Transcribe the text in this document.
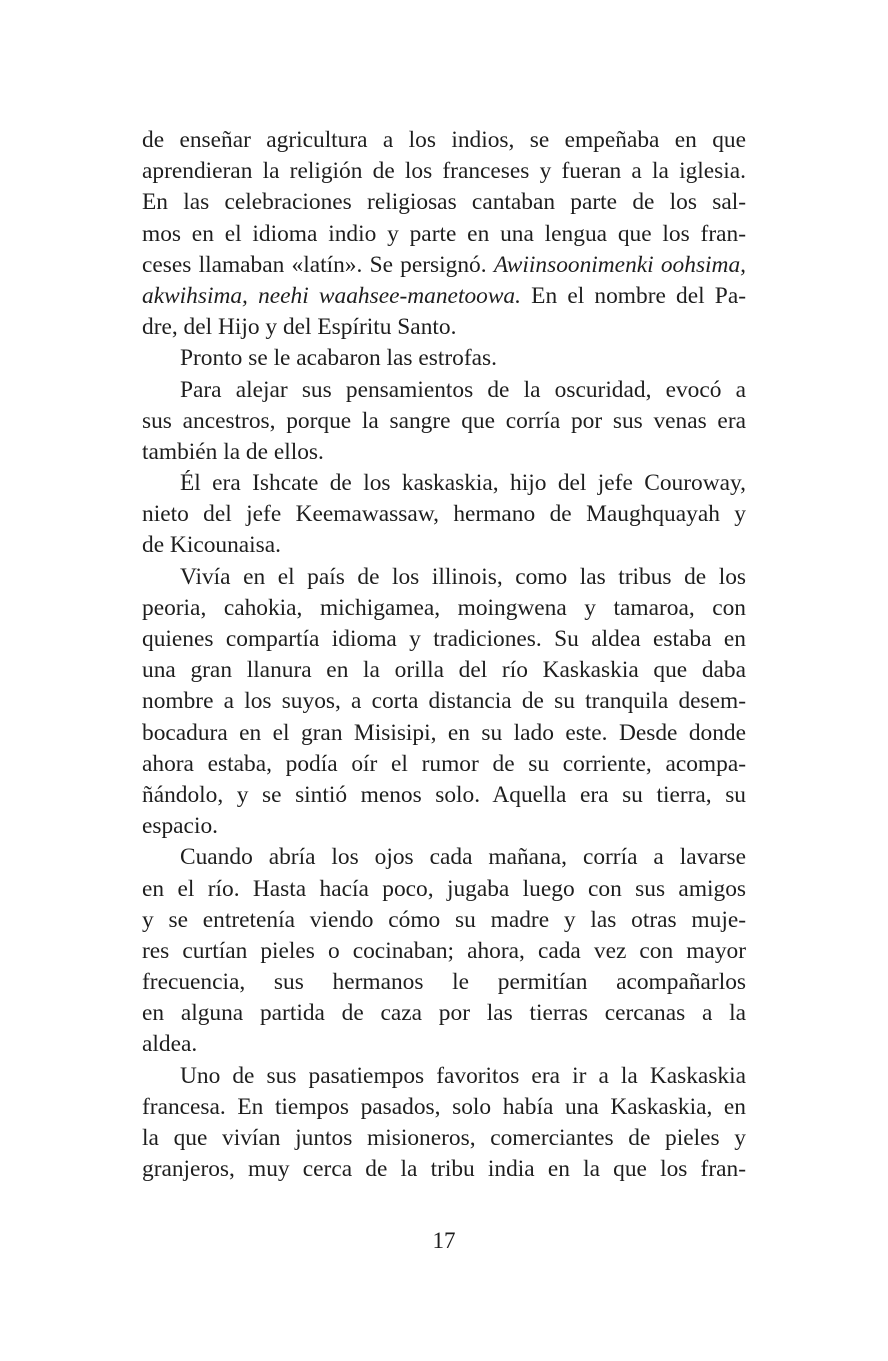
de enseñar agricultura a los indios, se empeñaba en que
aprendieran la religión de los franceses y fueran a la iglesia.
En las celebraciones religiosas cantaban parte de los sal-
mos en el idioma indio y parte en una lengua que los fran-
ceses llamaban «latín». Se persignó. Awiinsoonimenki oohsima,
akwihsima, neehi waahsee-manetoowa. En el nombre del Pa-
dre, del Hijo y del Espíritu Santo.
Pronto se le acabaron las estrofas.
Para alejar sus pensamientos de la oscuridad, evocó a
sus ancestros, porque la sangre que corría por sus venas era
también la de ellos.
Él era Ishcate de los kaskaskia, hijo del jefe Couroway,
nieto del jefe Keemawassaw, hermano de Maughquayah y
de Kicounaisa.
Vivía en el país de los illinois, como las tribus de los
peoria, cahokia, michigamea, moingwena y tamaroa, con
quienes compartía idioma y tradiciones. Su aldea estaba en
una gran llanura en la orilla del río Kaskaskia que daba
nombre a los suyos, a corta distancia de su tranquila desem-
bocadura en el gran Misisipi, en su lado este. Desde donde
ahora estaba, podía oír el rumor de su corriente, acompa-
ñándolo, y se sintió menos solo. Aquella era su tierra, su
espacio.
Cuando abría los ojos cada mañana, corría a lavarse
en el río. Hasta hacía poco, jugaba luego con sus amigos
y se entretenía viendo cómo su madre y las otras muje-
res curtían pieles o cocinaban; ahora, cada vez con mayor
frecuencia, sus hermanos le permitían acompañarlos
en alguna partida de caza por las tierras cercanas a la
aldea.
Uno de sus pasatiempos favoritos era ir a la Kaskaskia
francesa. En tiempos pasados, solo había una Kaskaskia, en
la que vivían juntos misioneros, comerciantes de pieles y
granjeros, muy cerca de la tribu india en la que los fran-
17
